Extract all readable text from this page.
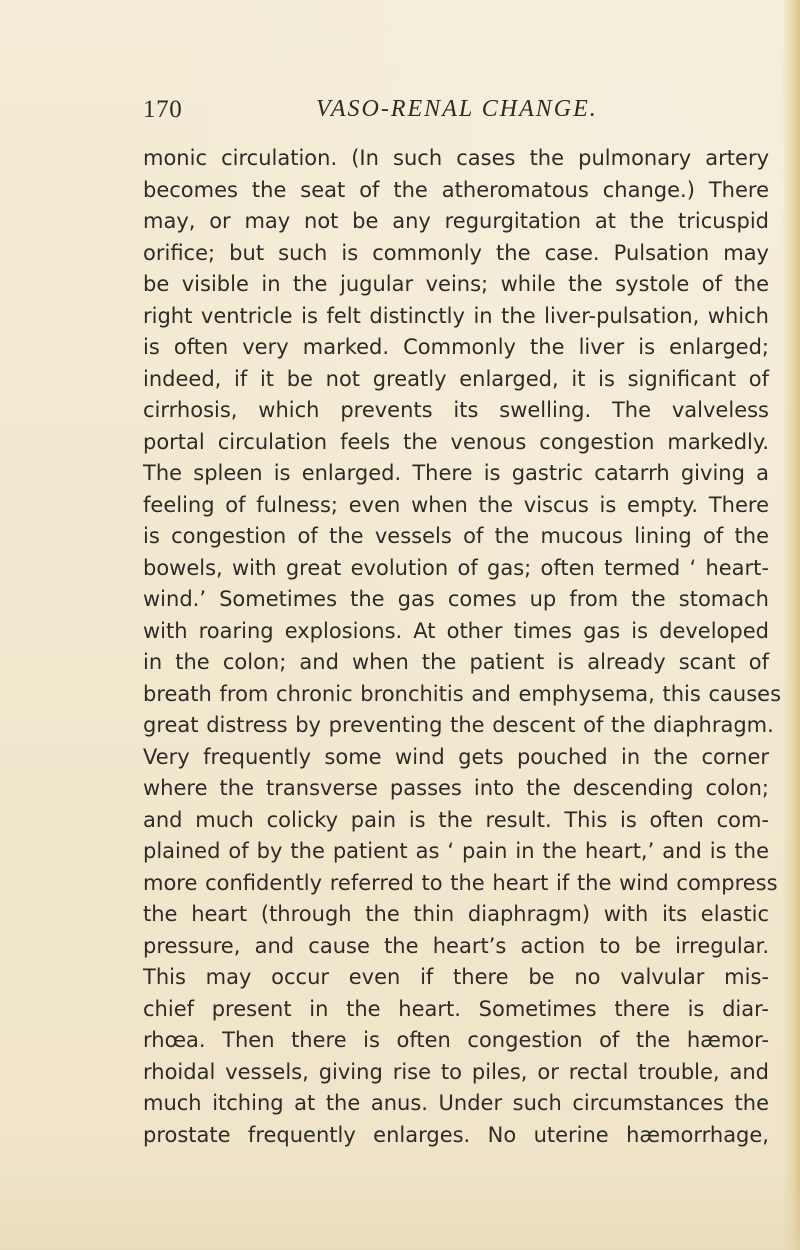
170	VASO-RENAL CHANGE.
monic circulation. (In such cases the pulmonary artery
becomes the seat of the atheromatous change.) There
may, or may not be any regurgitation at the tricuspid
orifice; but such is commonly the case. Pulsation may
be visible in the jugular veins; while the systole of the
right ventricle is felt distinctly in the liver-pulsation, which
is often very marked. Commonly the liver is enlarged;
indeed, if it be not greatly enlarged, it is significant of
cirrhosis, which prevents its swelling. The valveless
portal circulation feels the venous congestion markedly.
The spleen is enlarged. There is gastric catarrh giving a
feeling of fulness; even when the viscus is empty. There
is congestion of the vessels of the mucous lining of the
bowels, with great evolution of gas; often termed ‘ heart-
wind.’ Sometimes the gas comes up from the stomach
with roaring explosions. At other times gas is developed
in the colon; and when the patient is already scant of
breath from chronic bronchitis and emphysema, this causes
great distress by preventing the descent of the diaphragm.
Very frequently some wind gets pouched in the corner
where the transverse passes into the descending colon;
and much colicky pain is the result. This is often com-
plained of by the patient as ‘ pain in the heart,’ and is the
more confidently referred to the heart if the wind compress
the heart (through the thin diaphragm) with its elastic
pressure, and cause the heart’s action to be irregular.
This may occur even if there be no valvular mis-
chief present in the heart. Sometimes there is diar-
rhœa. Then there is often congestion of the hæmor-
rhoidal vessels, giving rise to piles, or rectal trouble, and
much itching at the anus. Under such circumstances the
prostate frequently enlarges. No uterine hæmorrhage,
